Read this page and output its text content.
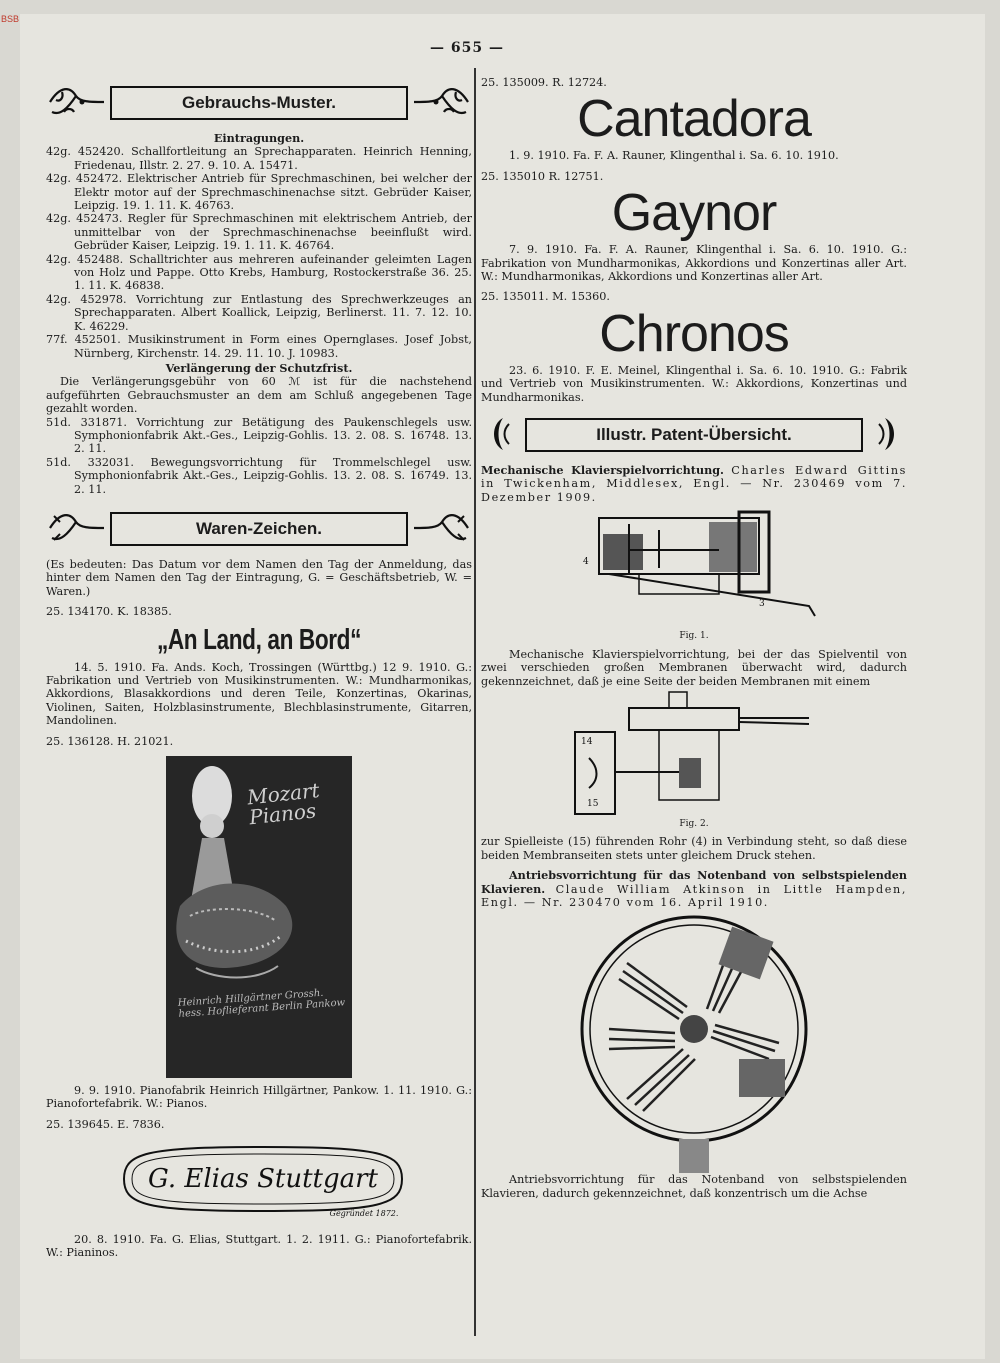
BSB
— 655 —
Gebrauchs-Muster.

Eintragungen.

42g. 452420. Schallfortleitung an Sprechapparaten. Heinrich Henning, Friedenau, Illstr. 2. 27. 9. 10. A. 15471.

42g. 452472. Elektrischer Antrieb für Sprechmaschinen, bei welcher der Elektr motor auf der Sprechmaschinenachse sitzt. Gebrüder Kaiser, Leipzig. 19. 1. 11. K. 46763.

42g. 452473. Regler für Sprechmaschinen mit elektrischem Antrieb, der unmittelbar von der Sprechmaschinenachse beeinflußt wird. Gebrüder Kaiser, Leipzig. 19. 1. 11. K. 46764.

42g. 452488. Schalltrichter aus mehreren aufeinander geleimten Lagen von Holz und Pappe. Otto Krebs, Hamburg, Rostockerstraße 36. 25. 1. 11. K. 46838.

42g. 452978. Vorrichtung zur Entlastung des Sprechwerkzeuges an Sprechapparaten. Albert Koallick, Leipzig, Berlinerst. 11. 7. 12. 10. K. 46229.

77f. 452501. Musikinstrument in Form eines Opernglases. Josef Jobst, Nürnberg, Kirchenstr. 14. 29. 11. 10. J. 10983.

Verlängerung der Schutzfrist.

Die Verlängerungsgebühr von 60 ℳ ist für die nachstehend aufgeführten Gebrauchsmuster an dem am Schluß angegebenen Tage gezahlt worden.

51d. 331871. Vorrichtung zur Betätigung des Paukenschlegels usw. Symphonionfabrik Akt.-Ges., Leipzig-Gohlis. 13. 2. 08. S. 16748. 13. 2. 11.

51d. 332031. Bewegungsvorrichtung für Trommelschlegel usw. Symphonionfabrik Akt.-Ges., Leipzig-Gohlis. 13. 2. 08. S. 16749. 13. 2. 11.

Waren-Zeichen.

(Es bedeuten: Das Datum vor dem Namen den Tag der Anmeldung, das hinter dem Namen den Tag der Eintragung, G. = Geschäftsbetrieb, W. = Waren.)

25. 134170. K. 18385.

„An Land, an Bord“

14. 5. 1910. Fa. Ands. Koch, Trossingen (Württbg.) 12 9. 1910. G.: Fabrikation und Vertrieb von Musikinstrumenten. W.: Mundharmonikas, Akkordions, Blasakkordions und deren Teile, Konzertinas, Okarinas, Violinen, Saiten, Holzblasinstrumente, Blechblasinstrumente, Gitarren, Mandolinen.

25. 136128. H. 21021.

Mozart Pianos
Heinrich Hillgärtner Grossh. hess. Hoflieferant Berlin Pankow

9. 9. 1910. Pianofabrik Heinrich Hillgärtner, Pankow. 1. 11. 1910. G.: Pianofortefabrik. W.: Pianos.

25. 139645. E. 7836.

G. Elias Stuttgart
Gegründet 1872.

20. 8. 1910. Fa. G. Elias, Stuttgart. 1. 2. 1911. G.: Pianofortefabrik. W.: Pianinos.

25. 135009. R. 12724.

Cantadora

1. 9. 1910. Fa. F. A. Rauner, Klingenthal i. Sa. 6. 10. 1910.

25. 135010 R. 12751.

Gaynor

7. 9. 1910. Fa. F. A. Rauner, Klingenthal i. Sa. 6. 10. 1910. G.: Fabrikation von Mundharmonikas, Akkordions und Konzertinas aller Art. W.: Mundharmonikas, Akkordions und Konzertinas aller Art.

25. 135011. M. 15360.

Chronos

23. 6. 1910. F. E. Meinel, Klingenthal i. Sa. 6. 10. 1910. G.: Fabrik und Vertrieb von Musikinstrumenten. W.: Akkordions, Konzertinas und Mundharmonikas.

Illustr. Patent-Übersicht.

Mechanische Klavierspielvorrichtung. Charles Edward Gittins in Twickenham, Middlesex, Engl. — Nr. 230469 vom 7. Dezember 1909.

4
3

Fig. 1.

Mechanische Klavierspielvorrichtung, bei der das Spielventil von zwei verschieden großen Membranen überwacht wird, dadurch gekennzeichnet, daß je eine Seite der beiden Membranen mit einem

14
15

Fig. 2.

zur Spielleiste (15) führenden Rohr (4) in Verbindung steht, so daß diese beiden Membranseiten stets unter gleichem Druck stehen.

Antriebsvorrichtung für das Notenband von selbstspielenden Klavieren. Claude William Atkinson in Little Hampden, Engl. — Nr. 230470 vom 16. April 1910.

Antriebsvorrichtung für das Notenband von selbstspielenden Klavieren, dadurch gekennzeichnet, daß konzentrisch um die Achse
